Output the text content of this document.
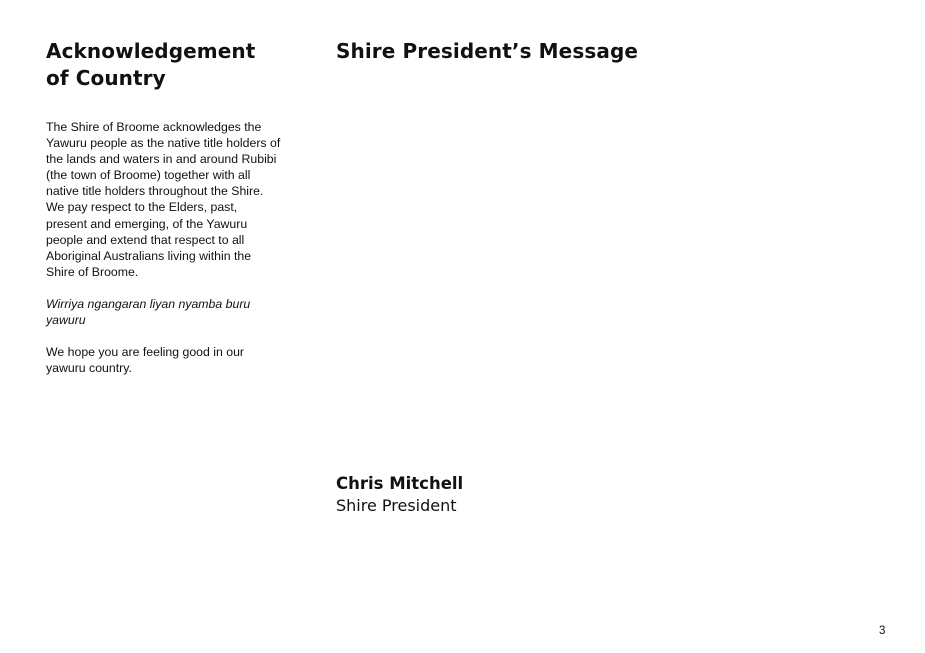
Acknowledgement of Country

The Shire of Broome acknowledges the Yawuru people as the native title holders of the lands and waters in and around Rubibi (the town of Broome) together with all native title holders throughout the Shire. We pay respect to the Elders, past, present and emerging, of the Yawuru people and extend that respect to all Aboriginal Australians living within the Shire of Broome.

Wirriya ngangaran liyan nyamba buru yawuru

We hope you are feeling good in our yawuru country.

Shire President’s Message

Chris Mitchell

Shire President

3
